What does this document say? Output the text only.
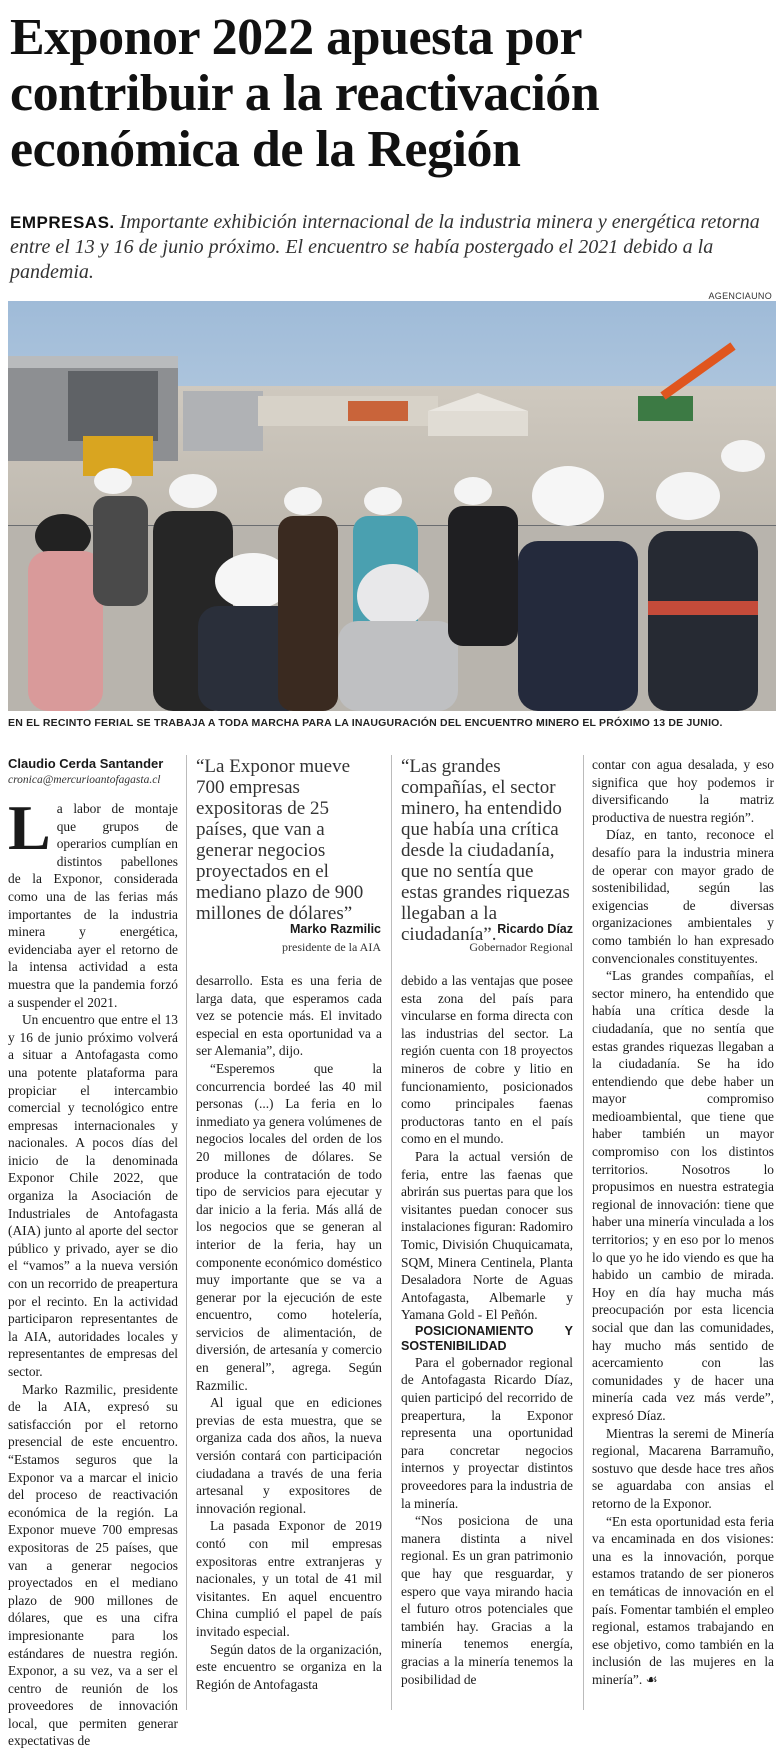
Exponor 2022 apuesta por contribuir a la reactivación económica de la Región

EMPRESAS. Importante exhibición internacional de la industria minera y energética retorna entre el 13 y 16 de junio próximo. El encuentro se había postergado el 2021 debido a la pandemia.

AGENCIAUNO
EN EL RECINTO FERIAL SE TRABAJA A TODA MARCHA PARA LA INAUGURACIÓN DEL ENCUENTRO MINERO EL PRÓXIMO 13 DE JUNIO.
Claudio Cerda Santander
cronica@mercurioantofagasta.cl

La labor de montaje que grupos de operarios cumplían en distintos pabellones de la Exponor, considerada como una de las ferias más importantes de la industria minera y energética, evidenciaba ayer el retorno de la intensa actividad a esta muestra que la pandemia forzó a suspender el 2021.

Un encuentro que entre el 13 y 16 de junio próximo volverá a situar a Antofagasta como una potente plataforma para propiciar el intercambio comercial y tecnológico entre empresas internacionales y nacionales. A pocos días del inicio de la denominada Exponor Chile 2022, que organiza la Asociación de Industriales de Antofagasta (AIA) junto al aporte del sector público y privado, ayer se dio el “vamos” a la nueva versión con un recorrido de preapertura por el recinto. En la actividad participaron representantes de la AIA, autoridades locales y representantes de empresas del sector.

Marko Razmilic, presidente de la AIA, expresó su satisfacción por el retorno presencial de este encuentro. “Estamos seguros que la Exponor va a marcar el inicio del proceso de reactivación económica de la región. La Exponor mueve 700 empresas expositoras de 25 países, que van a generar negocios proyectados en el mediano plazo de 900 millones de dólares, que es una cifra impresionante para los estándares de nuestra región. Exponor, a su vez, va a ser el centro de reunión de los proveedores de innovación local, que permiten generar expectativas de

“La Exponor mueve 700 empresas expositoras de 25 países, que van a generar negocios proyectados en el mediano plazo de 900 millones de dólares”
Marko Razmilic
presidente de la AIA

desarrollo. Esta es una feria de larga data, que esperamos cada vez se potencie más. El invitado especial en esta oportunidad va a ser Alemania”, dijo.

“Esperemos que la concurrencia bordeé las 40 mil personas (...) La feria en lo inmediato ya genera volúmenes de negocios locales del orden de los 20 millones de dólares. Se produce la contratación de todo tipo de servicios para ejecutar y dar inicio a la feria. Más allá de los negocios que se generan al interior de la feria, hay un componente económico doméstico muy importante que se va a generar por la ejecución de este encuentro, como hotelería, servicios de alimentación, de diversión, de artesanía y comercio en general”, agrega. Según Razmilic.

Al igual que en ediciones previas de esta muestra, que se organiza cada dos años, la nueva versión contará con participación ciudadana a través de una feria artesanal y expositores de innovación regional.

La pasada Exponor de 2019 contó con mil empresas expositoras entre extranjeras y nacionales, y un total de 41 mil visitantes. En aquel encuentro China cumplió el papel de país invitado especial.

Según datos de la organización, este encuentro se organiza en la Región de Antofagasta

“Las grandes compañías, el sector minero, ha entendido que había una crítica desde la ciudadanía, que no sentía que estas grandes riquezas llegaban a la ciudadanía”. Ricardo Díaz
Gobernador Regional

debido a las ventajas que posee esta zona del país para vincularse en forma directa con las industrias del sector. La región cuenta con 18 proyectos mineros de cobre y litio en funcionamiento, posicionados como principales faenas productoras tanto en el país como en el mundo.

Para la actual versión de feria, entre las faenas que abrirán sus puertas para que los visitantes puedan conocer sus instalaciones figuran: Radomiro Tomic, División Chuquicamata, SQM, Minera Centinela, Planta Desaladora Norte de Aguas Antofagasta, Albemarle y Yamana Gold - El Peñón.

POSICIONAMIENTO Y SOSTENIBILIDAD

Para el gobernador regional de Antofagasta Ricardo Díaz, quien participó del recorrido de preapertura, la Exponor representa una oportunidad para concretar negocios internos y proyectar distintos proveedores para la industria de la minería.

“Nos posiciona de una manera distinta a nivel regional. Es un gran patrimonio que hay que resguardar, y espero que vaya mirando hacia el futuro otros potenciales que también hay. Gracias a la minería tenemos energía, gracias a la minería tenemos la posibilidad de

contar con agua desalada, y eso significa que hoy podemos ir diversificando la matriz productiva de nuestra región”.

Díaz, en tanto, reconoce el desafío para la industria minera de operar con mayor grado de sostenibilidad, según las exigencias de diversas organizaciones ambientales y como también lo han expresado convencionales constituyentes.

“Las grandes compañías, el sector minero, ha entendido que había una crítica desde la ciudadanía, que no sentía que estas grandes riquezas llegaban a la ciudadanía. Se ha ido entendiendo que debe haber un mayor compromiso medioambiental, que tiene que haber también un mayor compromiso con los distintos territorios. Nosotros lo propusimos en nuestra estrategia regional de innovación: tiene que haber una minería vinculada a los territorios; y en eso por lo menos lo que yo he ido viendo es que ha habido un cambio de mirada. Hoy en día hay mucha más preocupación por esta licencia social que dan las comunidades, hay mucho más sentido de acercamiento con las comunidades y de hacer una minería cada vez más verde”, expresó Díaz.

Mientras la seremi de Minería regional, Macarena Barramuño, sostuvo que desde hace tres años se aguardaba con ansias el retorno de la Exponor.

“En esta oportunidad esta feria va encaminada en dos visiones: una es la innovación, porque estamos tratando de ser pioneros en temáticas de innovación en el país. Fomentar también el empleo regional, estamos trabajando en ese objetivo, como también en la inclusión de las mujeres en la minería”. ☙
